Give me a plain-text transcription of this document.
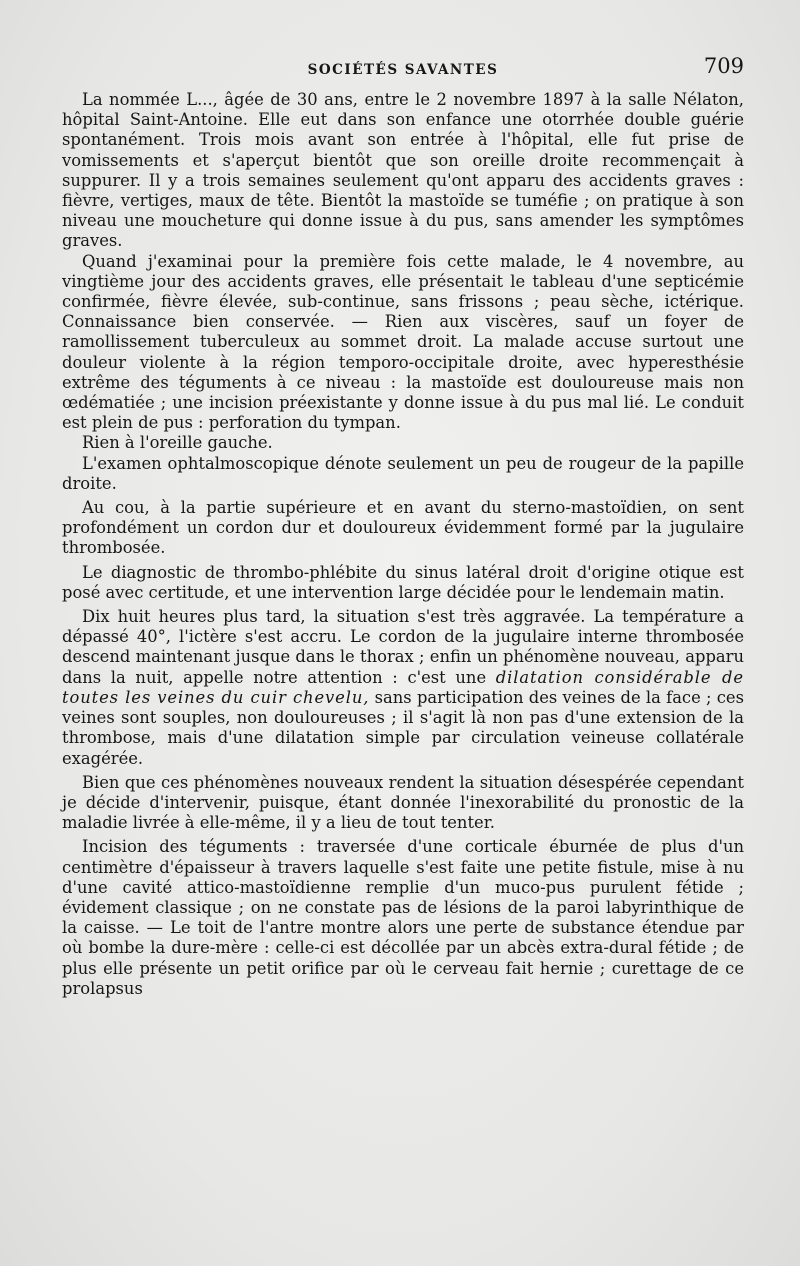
SOCIÉTÉS SAVANTES	709

La nommée L..., âgée de 30 ans, entre le 2 novembre 1897 à la salle Nélaton, hôpital Saint-Antoine. Elle eut dans son enfance une otorrhée double guérie spontanément. Trois mois avant son entrée à l'hôpital, elle fut prise de vomissements et s'aperçut bientôt que son oreille droite recommençait à suppurer. Il y a trois semaines seulement qu'ont apparu des accidents graves : fièvre, vertiges, maux de tête. Bientôt la mastoïde se tuméfie ; on pratique à son niveau une moucheture qui donne issue à du pus, sans amender les symptômes graves.

Quand j'examinai pour la première fois cette malade, le 4 novembre, au vingtième jour des accidents graves, elle présentait le tableau d'une septicémie confirmée, fièvre élevée, sub-continue, sans frissons ; peau sèche, ictérique. Connaissance bien conservée. — Rien aux viscères, sauf un foyer de ramollissement tuberculeux au sommet droit. La malade accuse surtout une douleur violente à la région temporo-occipitale droite, avec hyperesthésie extrême des téguments à ce niveau : la mastoïde est douloureuse mais non œdématiée ; une incision préexistante y donne issue à du pus mal lié. Le conduit est plein de pus : perforation du tympan.

Rien à l'oreille gauche.

L'examen ophtalmoscopique dénote seulement un peu de rougeur de la papille droite.

Au cou, à la partie supérieure et en avant du sterno-mastoïdien, on sent profondément un cordon dur et douloureux évidemment formé par la jugulaire thrombosée.

Le diagnostic de thrombo-phlébite du sinus latéral droit d'origine otique est posé avec certitude, et une intervention large décidée pour le lendemain matin.

Dix huit heures plus tard, la situation s'est très aggravée. La température a dépassé 40°, l'ictère s'est accru. Le cordon de la jugulaire interne thrombosée descend maintenant jusque dans le thorax ; enfin un phénomène nouveau, apparu dans la nuit, appelle notre attention : c'est une dilatation considérable de toutes les veines du cuir chevelu, sans participation des veines de la face ; ces veines sont souples, non douloureuses ; il s'agit là non pas d'une extension de la thrombose, mais d'une dilatation simple par circulation veineuse collatérale exagérée.

Bien que ces phénomènes nouveaux rendent la situation désespérée cependant je décide d'intervenir, puisque, étant donnée l'inexorabilité du pronostic de la maladie livrée à elle-même, il y a lieu de tout tenter.

Incision des téguments : traversée d'une corticale éburnée de plus d'un centimètre d'épaisseur à travers laquelle s'est faite une petite fistule, mise à nu d'une cavité attico-mastoïdienne remplie d'un muco-pus purulent fétide ; évidement classique ; on ne constate pas de lésions de la paroi labyrinthique de la caisse. — Le toit de l'antre montre alors une perte de substance étendue par où bombe la dure-mère : celle-ci est décollée par un abcès extra-dural fétide ; de plus elle présente un petit orifice par où le cerveau fait hernie ; curettage de ce prolapsus
